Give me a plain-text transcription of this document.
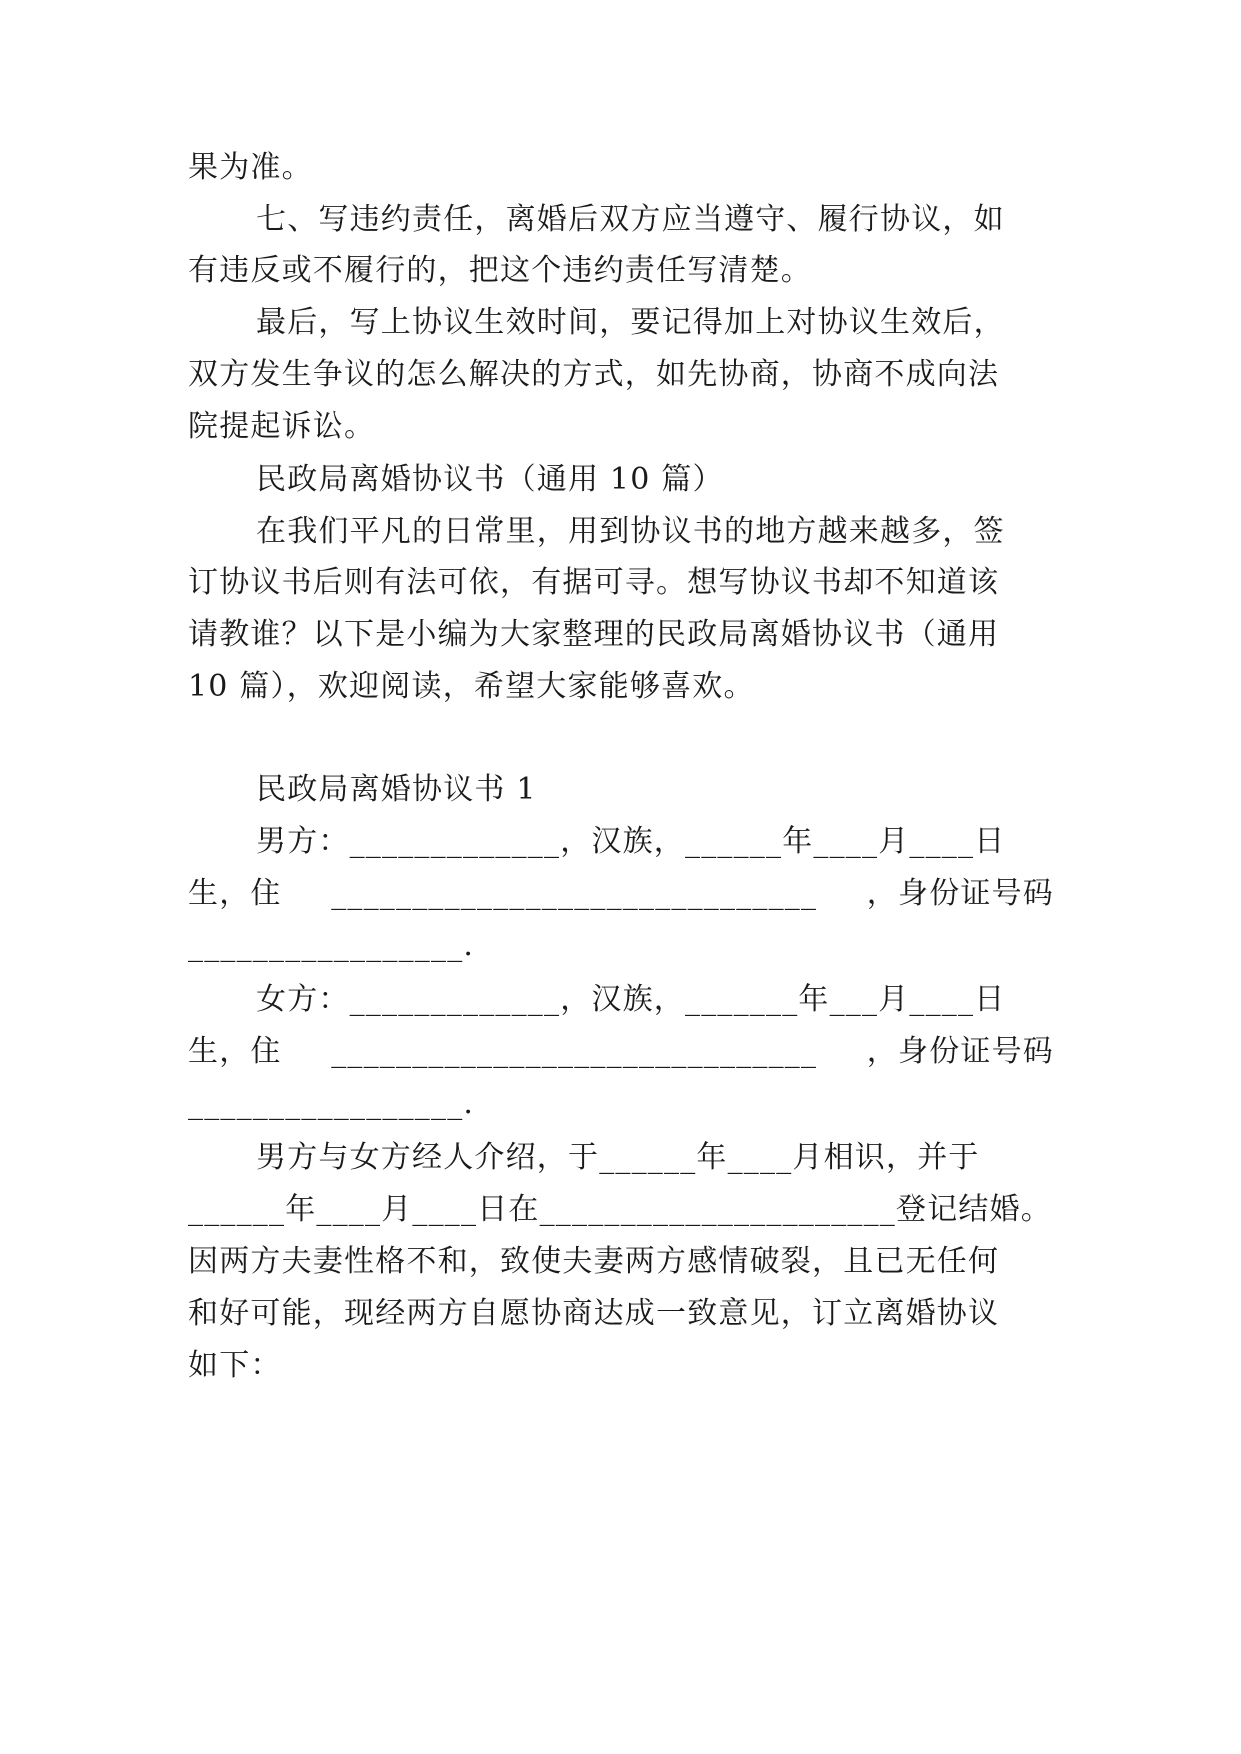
果为准。
七、写违约责任，离婚后双方应当遵守、履行协议，如
有违反或不履行的，把这个违约责任写清楚。
最后，写上协议生效时间，要记得加上对协议生效后，
双方发生争议的怎么解决的方式，如先协商，协商不成向法
院提起诉讼。
民政局离婚协议书（通用 10 篇）
在我们平凡的日常里，用到协议书的地方越来越多，签
订协议书后则有法可依，有据可寻。想写协议书却不知道该
请教谁？以下是小编为大家整理的民政局离婚协议书（通用
10 篇），欢迎阅读，希望大家能够喜欢。
民政局离婚协议书 1
男方：_____________，汉族，______年____月____日
生，住 ______________________________ ，身份证号码
_________________.
女方：_____________，汉族，_______年___月____日
生，住 ______________________________ ，身份证号码
_________________.
男方与女方经人介绍，于______年____月相识，并于
______年____月____日在______________________登记结婚。
因两方夫妻性格不和，致使夫妻两方感情破裂，且已无任何
和好可能，现经两方自愿协商达成一致意见，订立离婚协议
如下：
